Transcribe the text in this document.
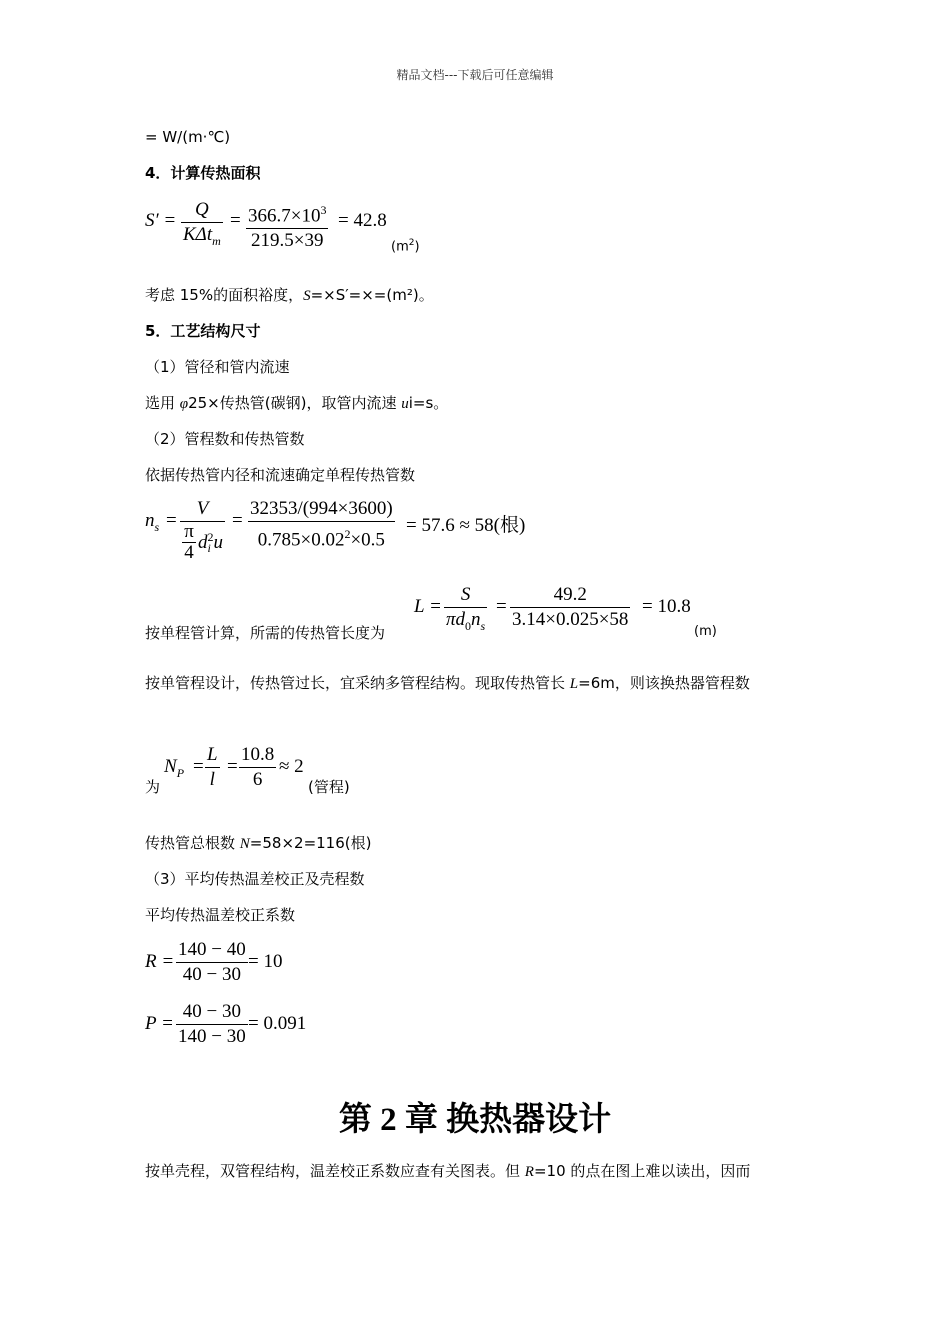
精品文档---下载后可任意编辑
= W/(m·℃)
4．计算传热面积
S′ =
Q
KΔt$_m$
= $366.7\times 10^3$
219.5×39
= 42.8
$(m^2)$
考虑 15%的面积裕度，S=×S′=×=(m²)。
5．工艺结构尺寸
（1）管径和管内流速
选用 φ25×传热管(碳钢)，取管内流速 ui=s。
（2）管程数和传热管数
依据传热管内径和流速确定单程传热管数
$n_s$ =
V
π
4 d 2
i u
=
32353/(994×3600)
$0.785\times 0.02^2\times 0.5$
= 57.6 ≈ 58(根)
按单程管计算，所需的传热管长度为
L =
S
$\pi d_0n_s$
=
49.2
3.14×0.025×58
= 10.8
(m)
按单管程设计，传热管过长，宜采纳多管程结构。现取传热管长 L=6m，则该换热器管程数
为
$N_P$ =
L
l
=
10.8
6
≈ 2
(管程)
传热管总根数 N=58×2=116(根)
（3）平均传热温差校正及壳程数
平均传热温差校正系数
R =
140 − 40
40 − 30
= 10
P =
40 − 30
140 − 30
= 0.091
第 2 章 换热器设计
按单壳程，双管程结构，温差校正系数应查有关图表。但 R=10 的点在图上难以读出，因而
